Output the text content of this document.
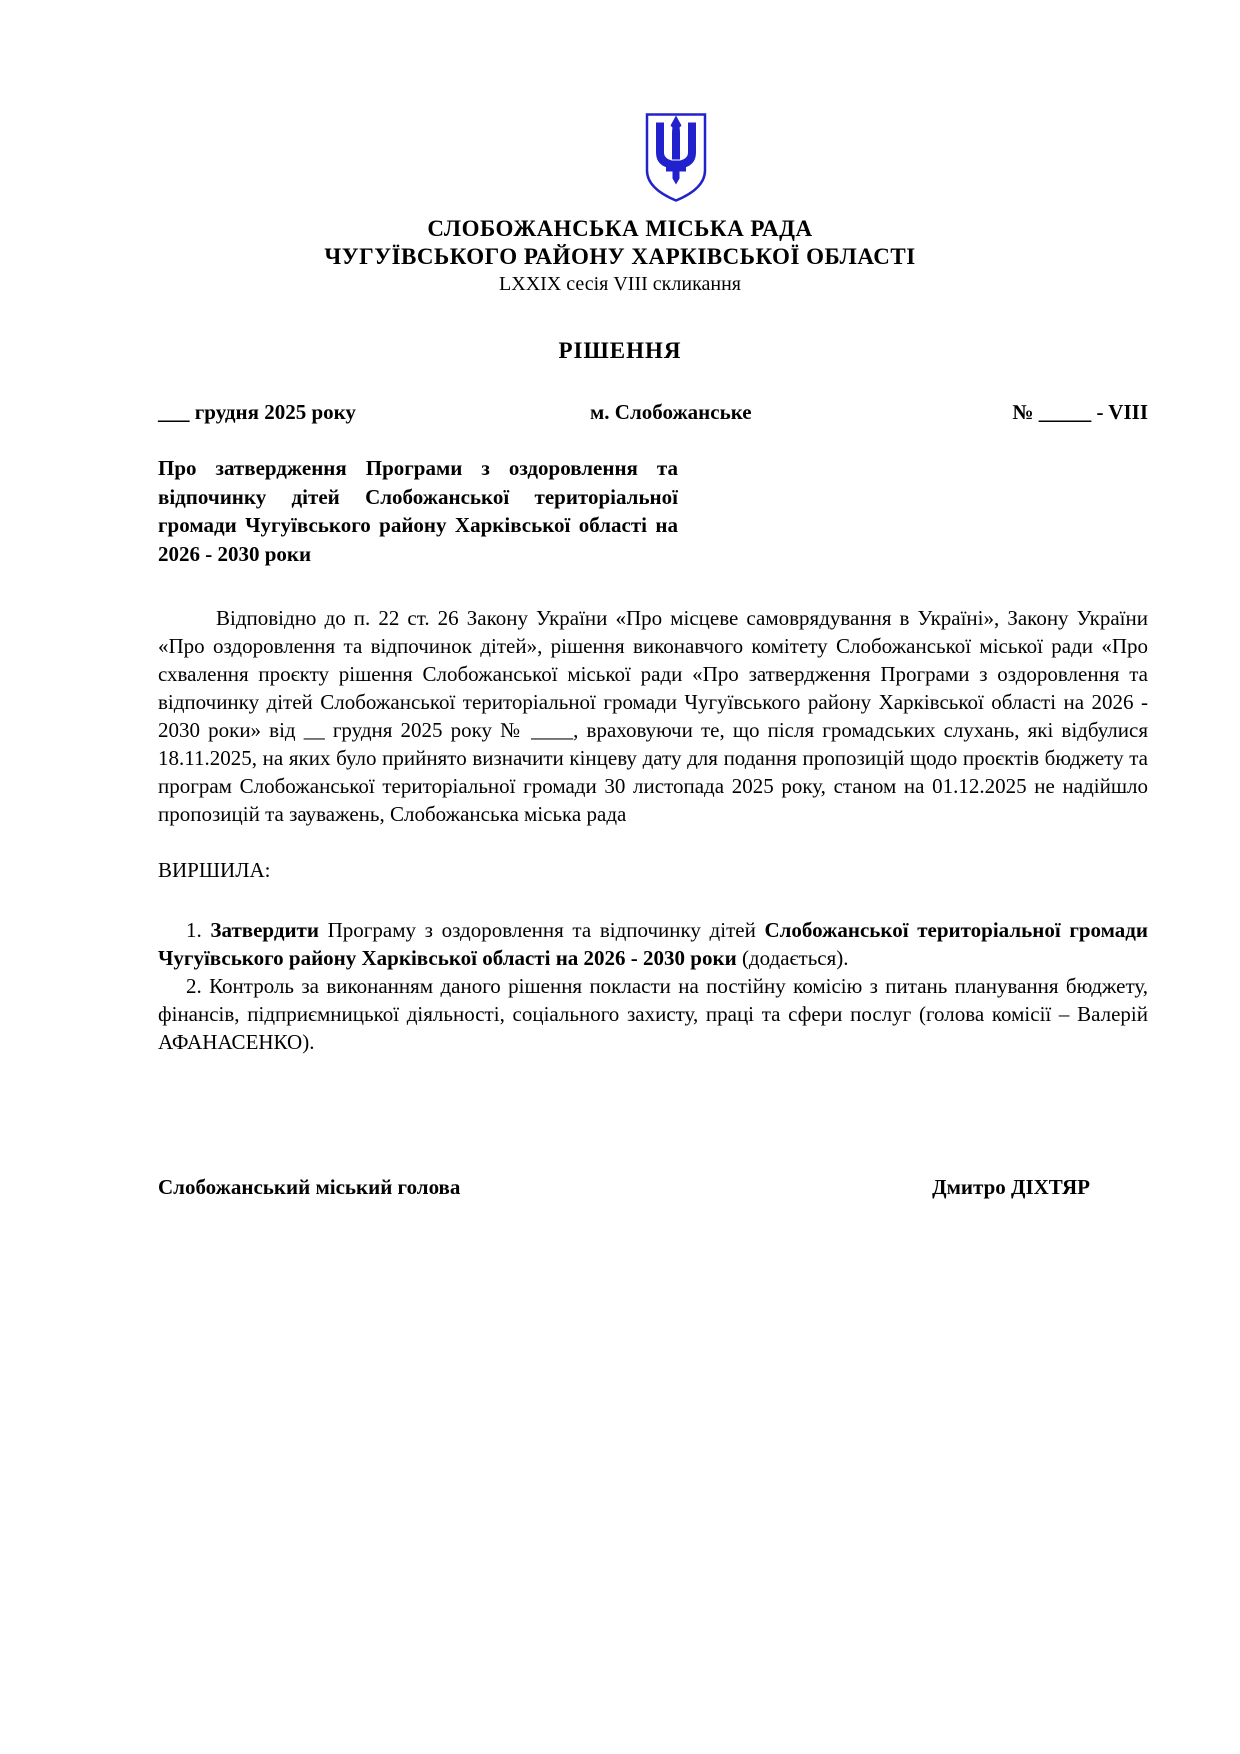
СЛОБОЖАНСЬКА МІСЬКА РАДА
ЧУГУЇВСЬКОГО РАЙОНУ ХАРКІВСЬКОЇ ОБЛАСТІ
LXXIX сесія VIII скликання
РІШЕННЯ
___ грудня 2025 року	м. Слобожанське	№ _____ - VIII
Про затвердження Програми з оздоровлення та відпочинку дітей Слобожанської територіальної громади Чугуївського району Харківської області на 2026 - 2030 роки

Відповідно до п. 22 ст. 26 Закону України «Про місцеве самоврядування в Україні», Закону України «Про оздоровлення та відпочинок дітей», рішення виконавчого комітету Слобожанської міської ради «Про схвалення проєкту рішення Слобожанської міської ради «Про затвердження Програми з оздоровлення та відпочинку дітей Слобожанської територіальної громади Чугуївського району Харківської області на 2026 - 2030 роки» від __ грудня 2025 року № ____, враховуючи те, що після громадських слухань, які відбулися 18.11.2025, на яких було прийнято визначити кінцеву дату для подання пропозицій щодо проєктів бюджету та програм Слобожанської територіальної громади 30 листопада 2025 року, станом на 01.12.2025 не надійшло пропозицій та зауважень, Слобожанська міська рада

ВИРШИЛА:

1. Затвердити Програму з оздоровлення та відпочинку дітей Слобожанської територіальної громади Чугуївського району Харківської області на 2026 - 2030 роки (додається).

2. Контроль за виконанням даного рішення покласти на постійну комісію з питань планування бюджету, фінансів, підприємницької діяльності, соціального захисту, праці та сфери послуг (голова комісії – Валерій АФАНАСЕНКО).

Слобожанський міський голова	Дмитро ДІХТЯР
